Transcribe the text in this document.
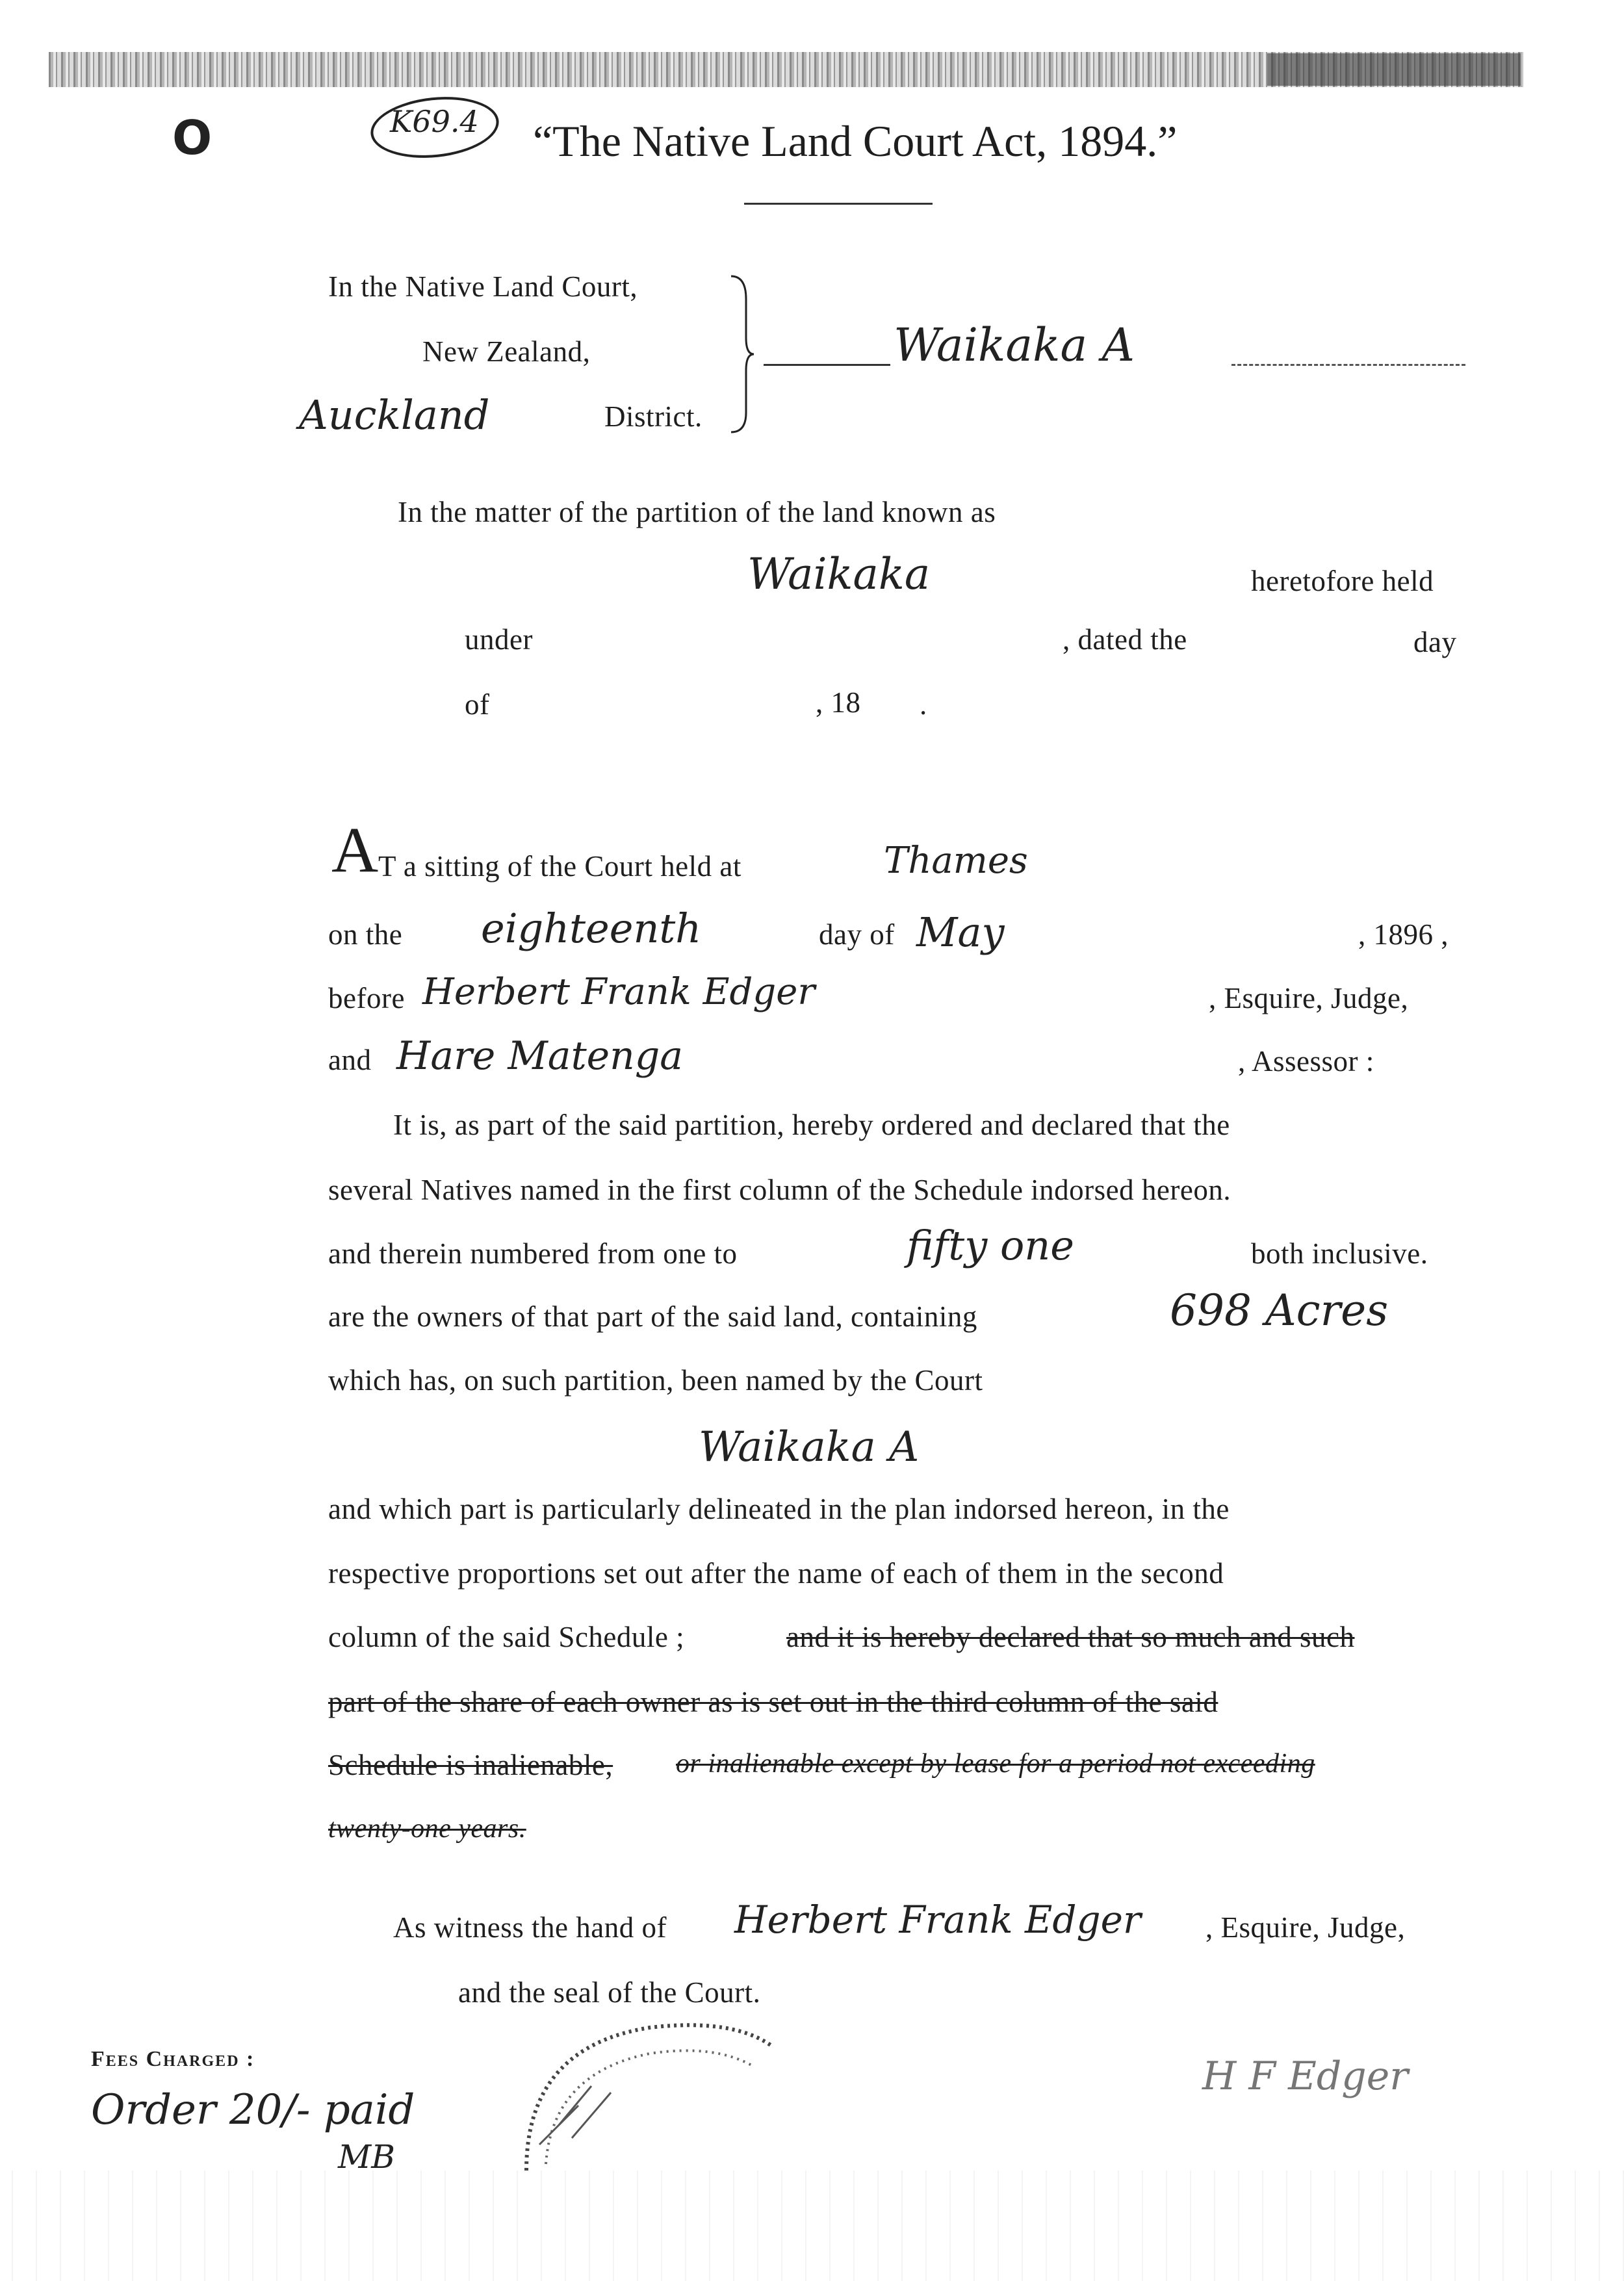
O	K69.4 “The Native Land Court Act, 1894.”
In the Native Land Court,
New Zealand,
Auckland	District.
Waikaka A
In the matter of the partition of the land known as
Waikaka	heretofore held
under	, dated the	day
of	, 18 .
A T a sitting of the Court held at	Thames
on the eighteenth	day of May	, 1896 ,
before Herbert Frank Edger	, Esquire, Judge,
and Hare Matenga	, Assessor :
It is, as part of the said partition, hereby ordered and declared that the
several Natives named in the first column of the Schedule indorsed hereon.
and therein numbered from one to	fifty one	both inclusive.
are the owners of that part of the said land, containing	698 Acres
which has, on such partition, been named by the Court
Waikaka A
and which part is particularly delineated in the plan indorsed hereon, in the
respective proportions set out after the name of each of them in the second
column of the said Schedule ;	and it is hereby declared that so much and such
part of the share of each owner as is set out in the third column of the said
Schedule is inalienable, or inalienable except by lease for a period not exceeding
twenty-one years.
As witness the hand of Herbert Frank Edger , Esquire, Judge,
and the seal of the Court.
Fees Charged :
Order 20/- paid
MB
H F Edger
